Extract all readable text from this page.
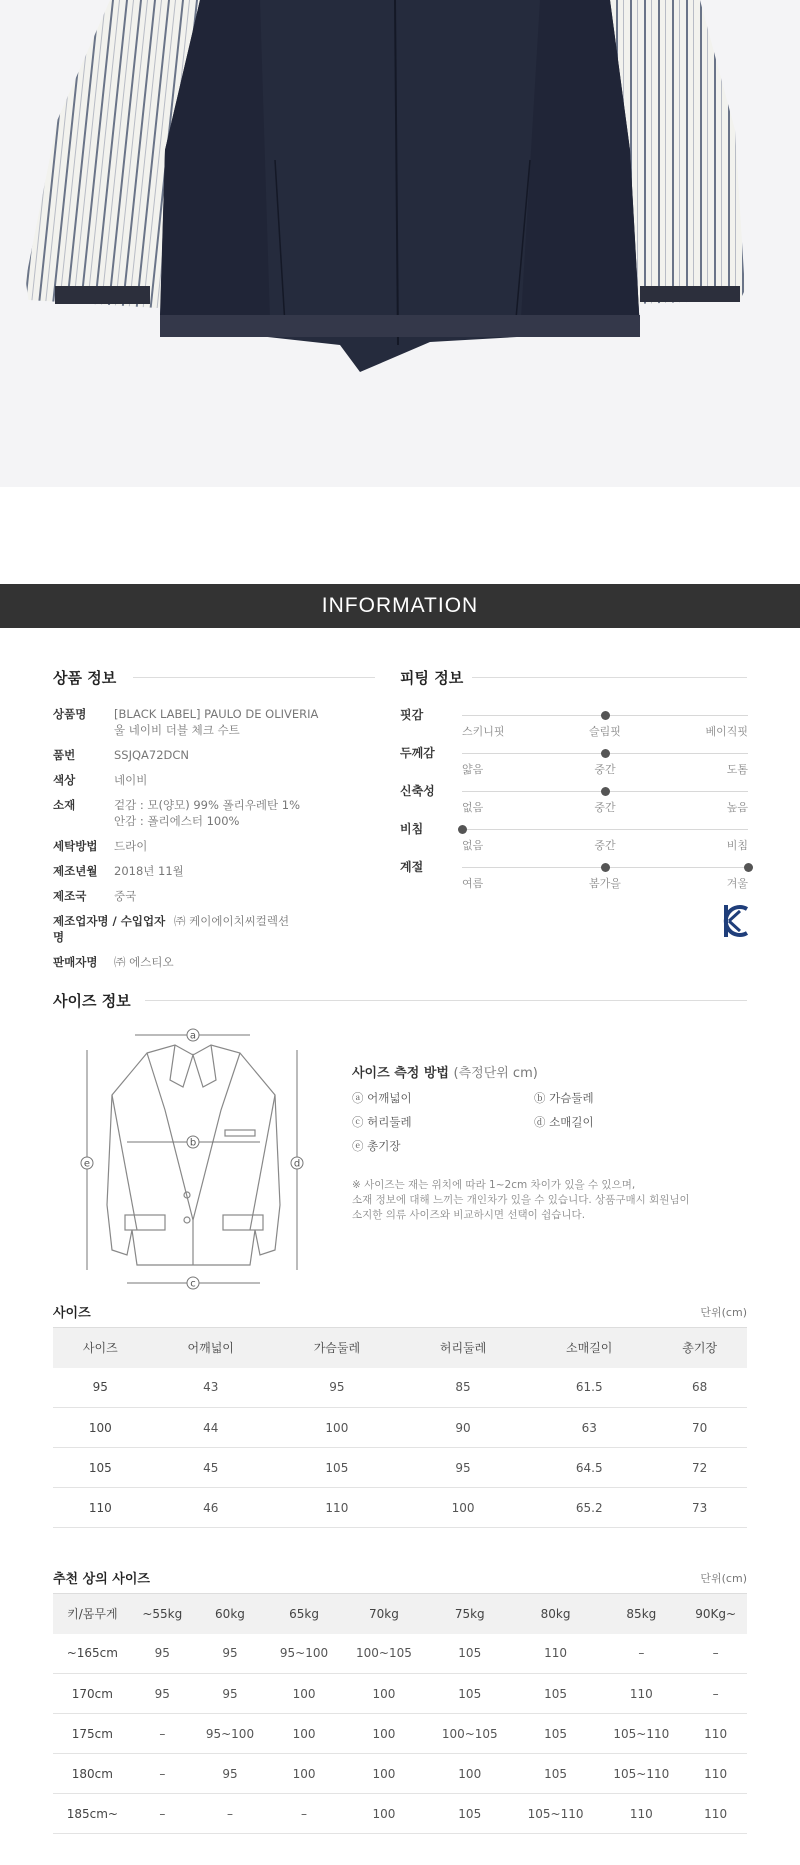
INFORMATION
상품 정보
상품명	[BLACK LABEL] PAULO DE OLIVERIA
울 네이비 더블 체크 수트
품번	SSJQA72DCN
색상	네이비
소재	겉감 : 모(양모) 99% 폴리우레탄 1%
안감 : 폴리에스터 100%
세탁방법	드라이
제조년월	2018년 11월
제조국	중국
제조업자명 / 수입업자명
㈜ 케이에이치씨컬렉션
판매자명	㈜ 에스티오
피팅 정보
핏감
스키니핏	슬림핏	베이직핏
두께감
얇음	중간	도톰
신축성
없음	중간	높음
비침
없음	중간	비침
계절
여름	봄가을	겨울
사이즈 정보
a
b
c
d
e
사이즈 측정 방법 (측정단위 cm)
ⓐ 어깨넓이	ⓑ 가슴둘레
ⓒ 허리둘레	ⓓ 소매길이
ⓔ 총기장
※ 사이즈는 재는 위치에 따라 1~2cm 차이가 있을 수 있으며,
소재 정보에 대해 느끼는 개인차가 있을 수 있습니다. 상품구매시 회원님이
소지한 의류 사이즈와 비교하시면 선택이 쉽습니다.
사이즈	단위(cm)
사이즈	어깨넓이	가슴둘레	허리둘레	소매길이	총기장
95	43	95	85	61.5	68
100	44	100	90	63	70
105	45	105	95	64.5	72
110	46	110	100	65.2	73
추천 상의 사이즈	단위(cm)
키/몸무게	~55kg	60kg	65kg	70kg	75kg	80kg	85kg	90Kg~
~165cm	95	95	95~100	100~105	105	110	–	–
170cm	95	95	100	100	105	105	110	–
175cm	–	95~100	100	100	100~105	105	105~110	110
180cm	–	95	100	100	100	105	105~110	110
185cm~	–	–	–	100	105	105~110	110	110
